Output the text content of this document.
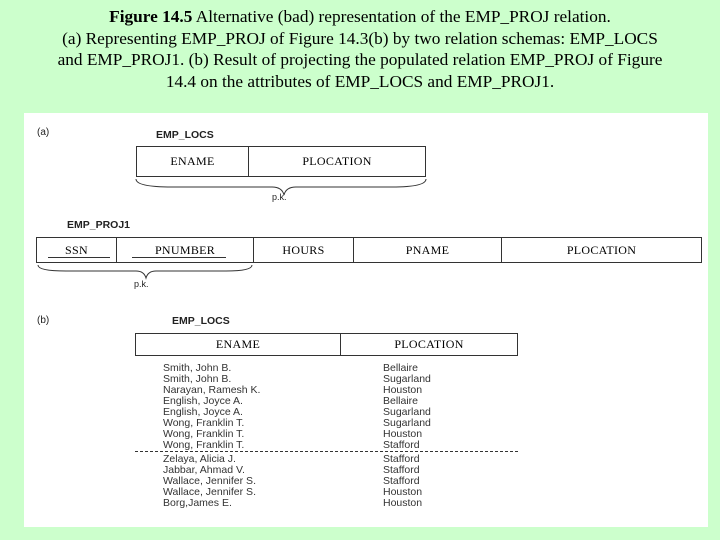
Figure 14.5 Alternative (bad) representation of the EMP_PROJ relation.
(a) Representing EMP_PROJ of Figure 14.3(b) by two relation schemas: EMP_LOCS
and EMP_PROJ1. (b) Result of projecting the populated relation EMP_PROJ of Figure
14.4 on the attributes of EMP_LOCS and EMP_PROJ1.
(a)	EMP_LOCS
ENAME	PLOCATION
p.k.
EMP_PROJ1
SSN	PNUMBER	HOURS	PNAME	PLOCATION
p.k.
(b)	EMP_LOCS
ENAME	PLOCATION
Smith, John B.	Bellaire
Smith, John B.	Sugarland
Narayan, Ramesh K.	Houston
English, Joyce A.	Bellaire
English, Joyce A.	Sugarland
Wong, Franklin T.	Sugarland
Wong, Franklin T.	Houston
Wong, Franklin T.	Stafford
Zelaya, Alicia J.	Stafford
Jabbar, Ahmad V.	Stafford
Wallace, Jennifer S.	Stafford
Wallace, Jennifer S.	Houston
Borg,James E.	Houston
